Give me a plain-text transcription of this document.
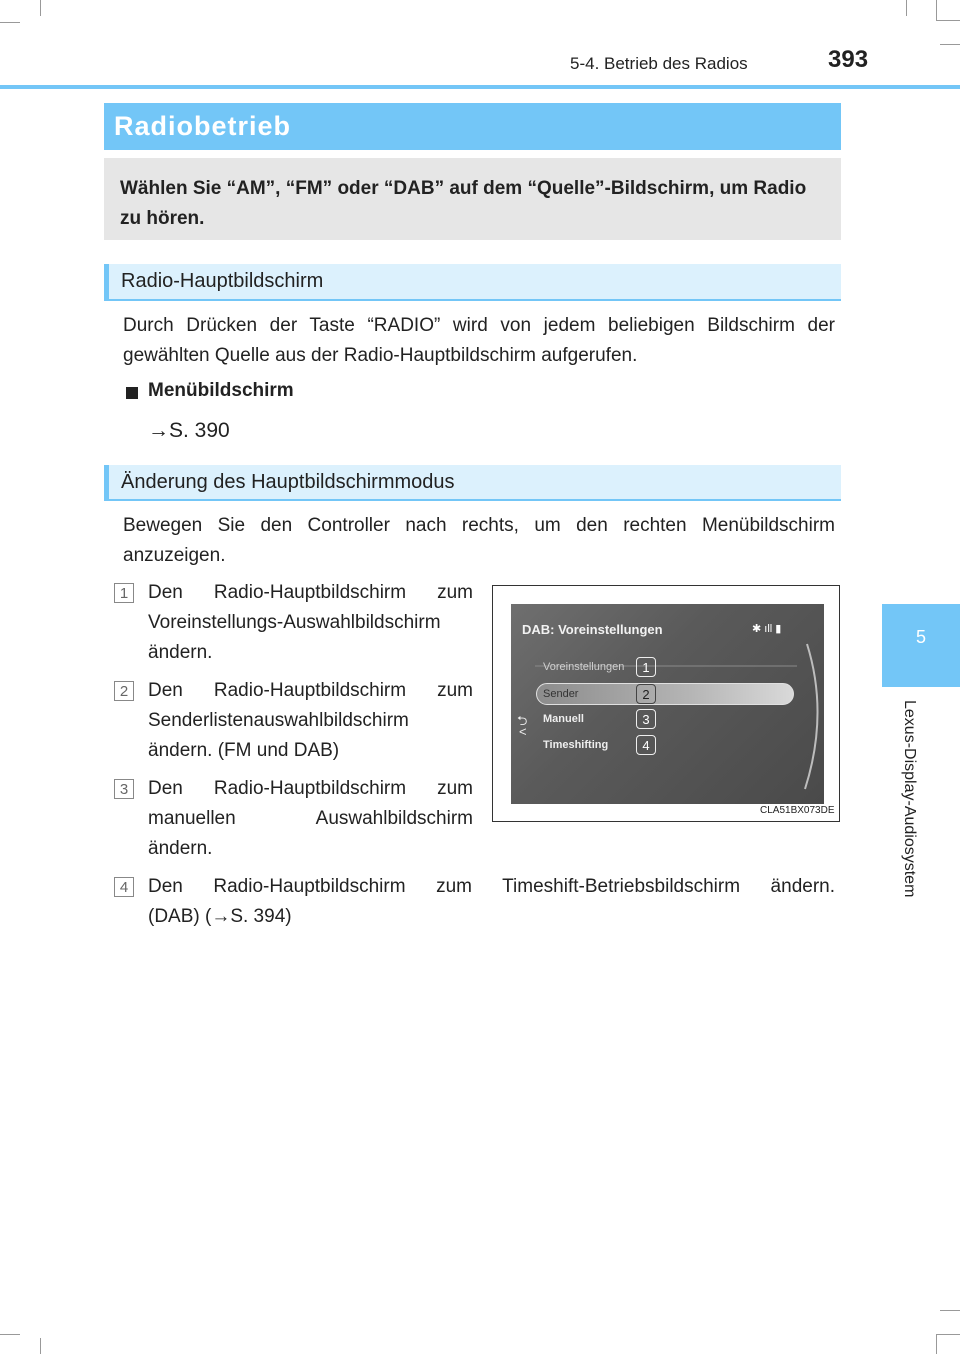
5-4. Betrieb des Radios	393
5
Lexus-Display-Audiosystem
Radiobetrieb
Wählen Sie “AM”, “FM” oder “DAB” auf dem “Quelle”-Bildschirm, um Radio zu hören.
Radio-Hauptbildschirm
Durch Drücken der Taste “RADIO” wird von jedem beliebigen Bildschirm der gewählten Quelle aus der Radio-Hauptbildschirm aufgerufen.
Menübildschirm
→S. 390
Änderung des Hauptbildschirmmodus
Bewegen Sie den Controller nach rechts, um den rechten Menübildschirm anzuzeigen.
1	Den Radio-Hauptbildschirm zum
Voreinstellungs-Auswahlbildschirm
ändern.
2	Den Radio-Hauptbildschirm zum
Senderlistenauswahlbildschirm
ändern. (FM und DAB)
3	Den Radio-Hauptbildschirm zum
manuellen Auswahlbildschirm
ändern.
4	Den Radio-Hauptbildschirm zum Timeshift-Betriebsbildschirm ändern.
(DAB) (→S. 394)
DAB: Voreinstellungen	✱ ıll ▮
⮌
<
Voreinstellungen	1
Sender	2
Manuell	3
Timeshifting	4
CLA51BX073DE
